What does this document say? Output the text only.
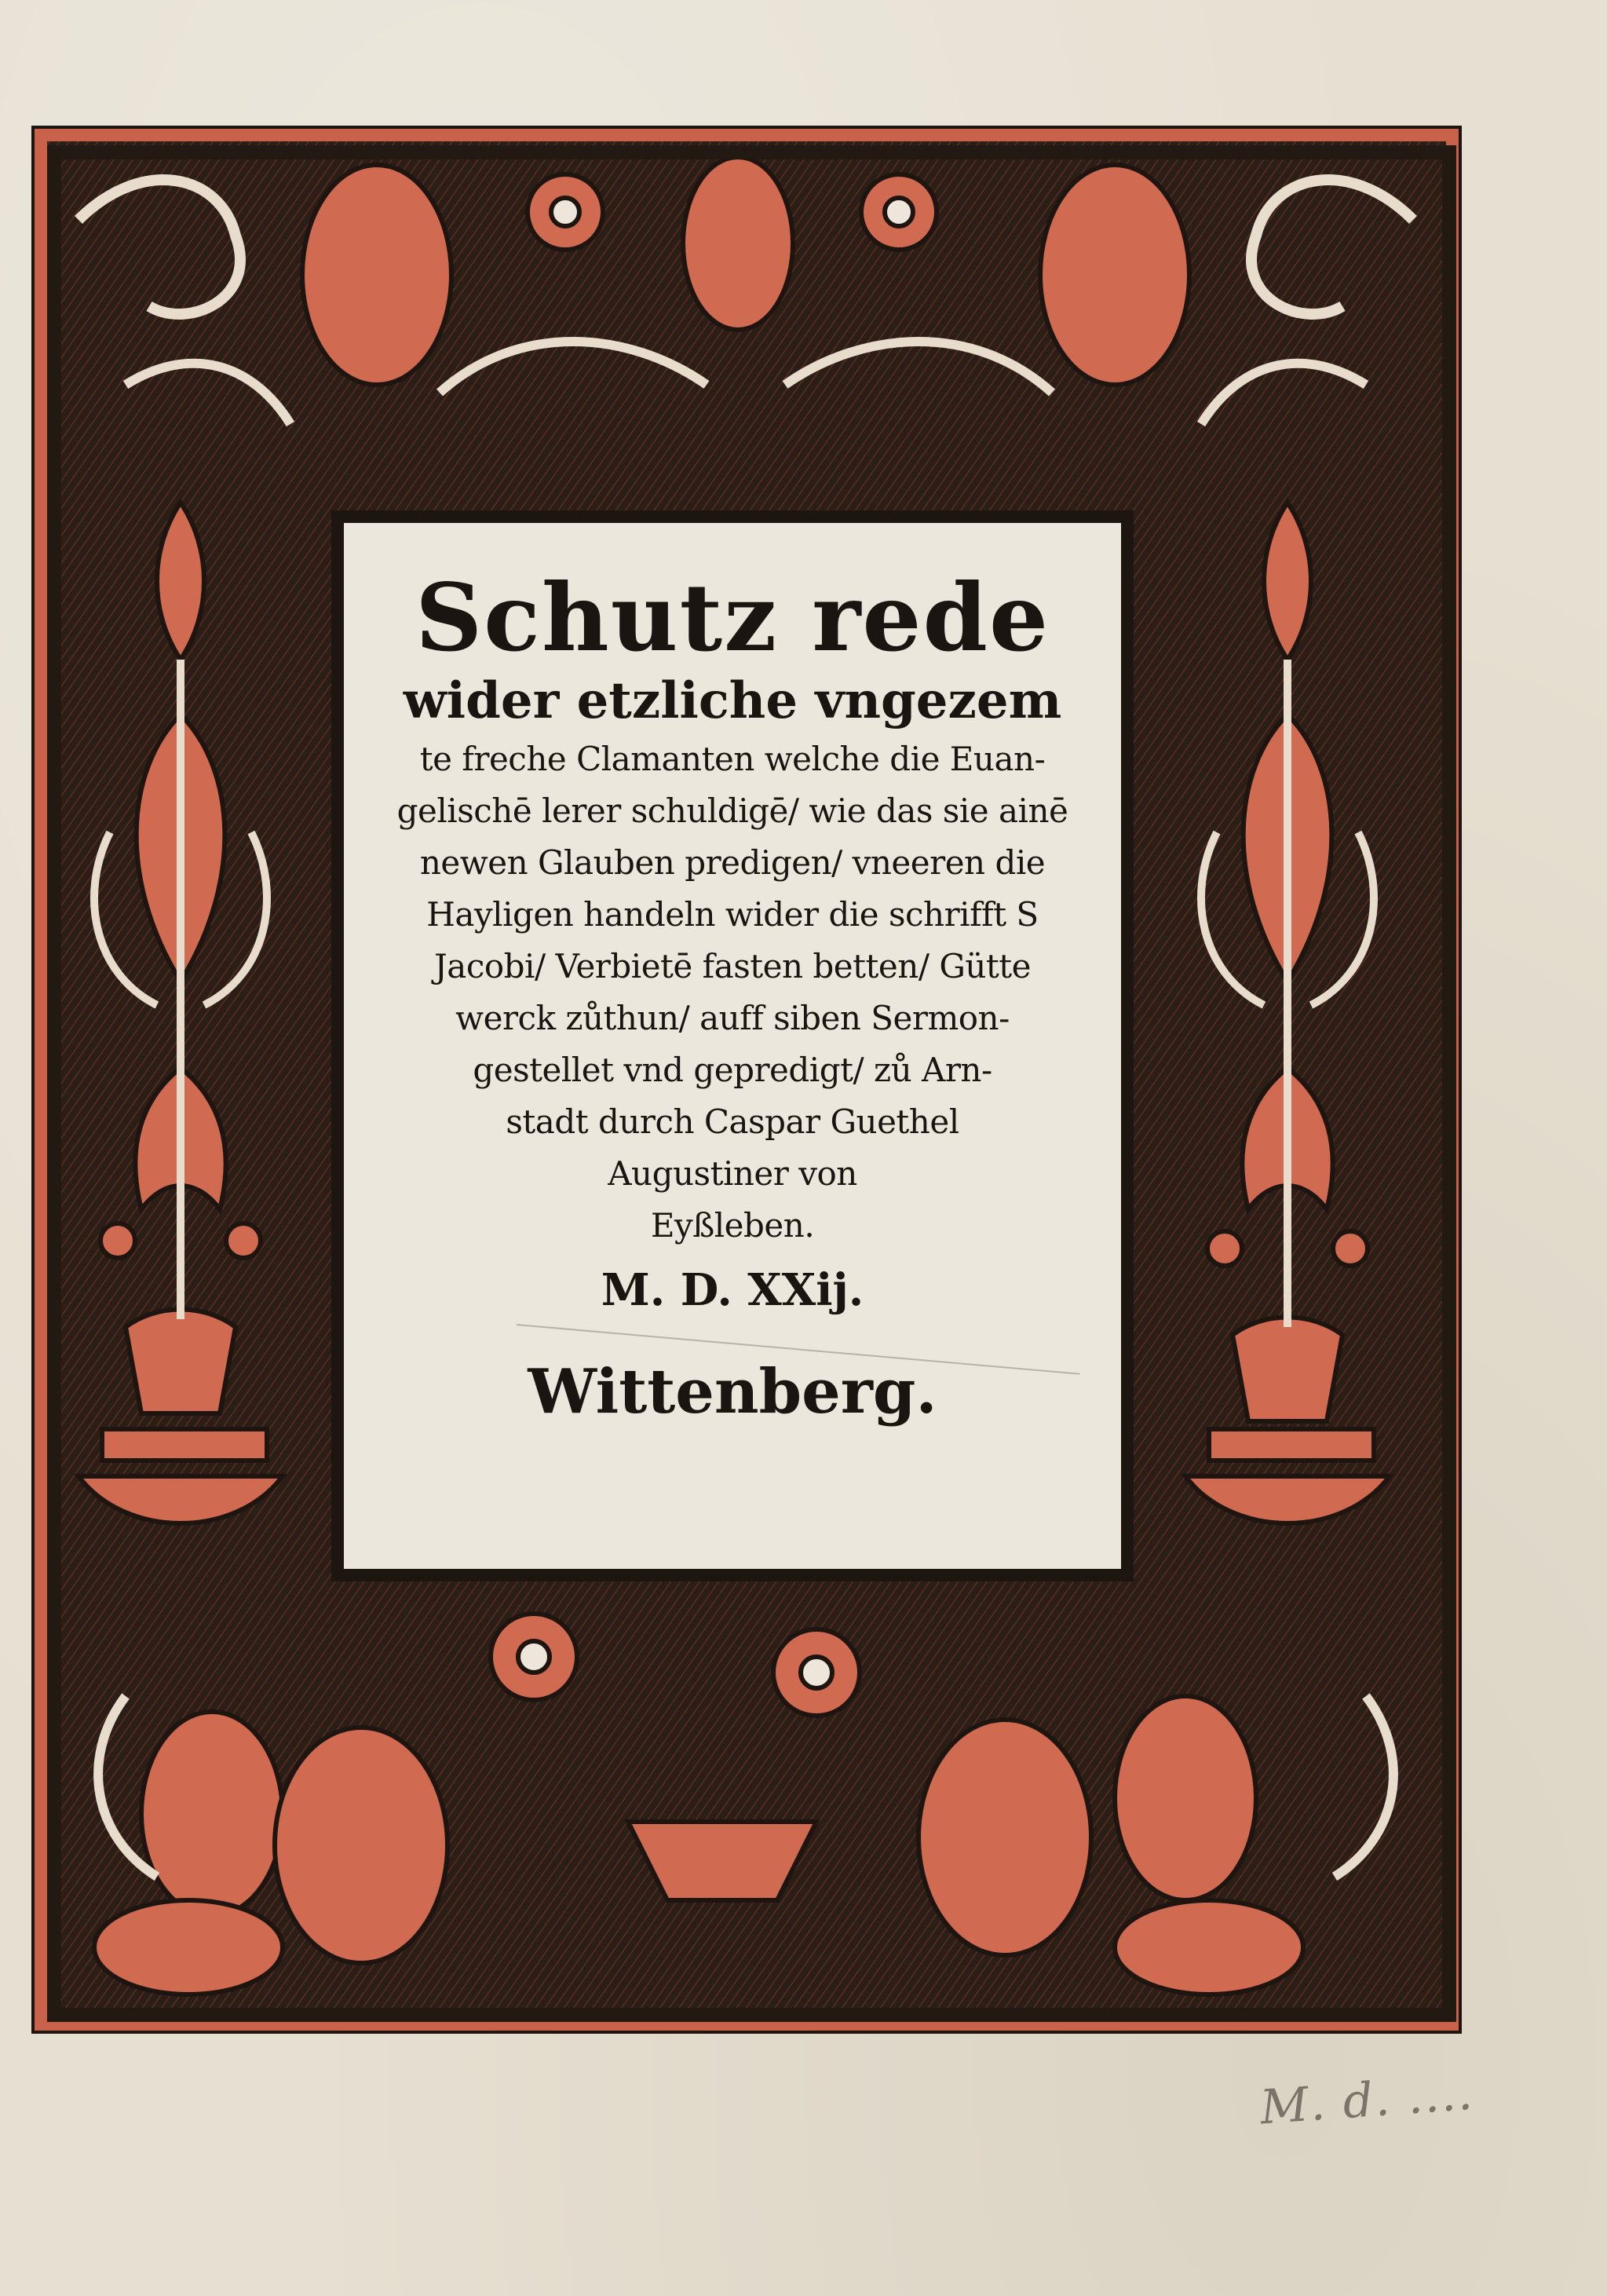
Schutz rede
wider etzliche vngezem
te freche Clamanten welche die Euan-
gelischē lerer schuldigē/ wie das sie ainē
newen Glauben predigen/ vneeren die
Hayligen handeln wider die schrifft S
Jacobi/ Verbietē fasten betten/ Gütte
werck zůthun/ auff siben Sermon-
gestellet vnd gepredigt/ zů Arn-
stadt durch Caspar Guethel
Augustiner von
Eyßleben.
M. D. XXij.
Wittenberg.
M. d. ....
